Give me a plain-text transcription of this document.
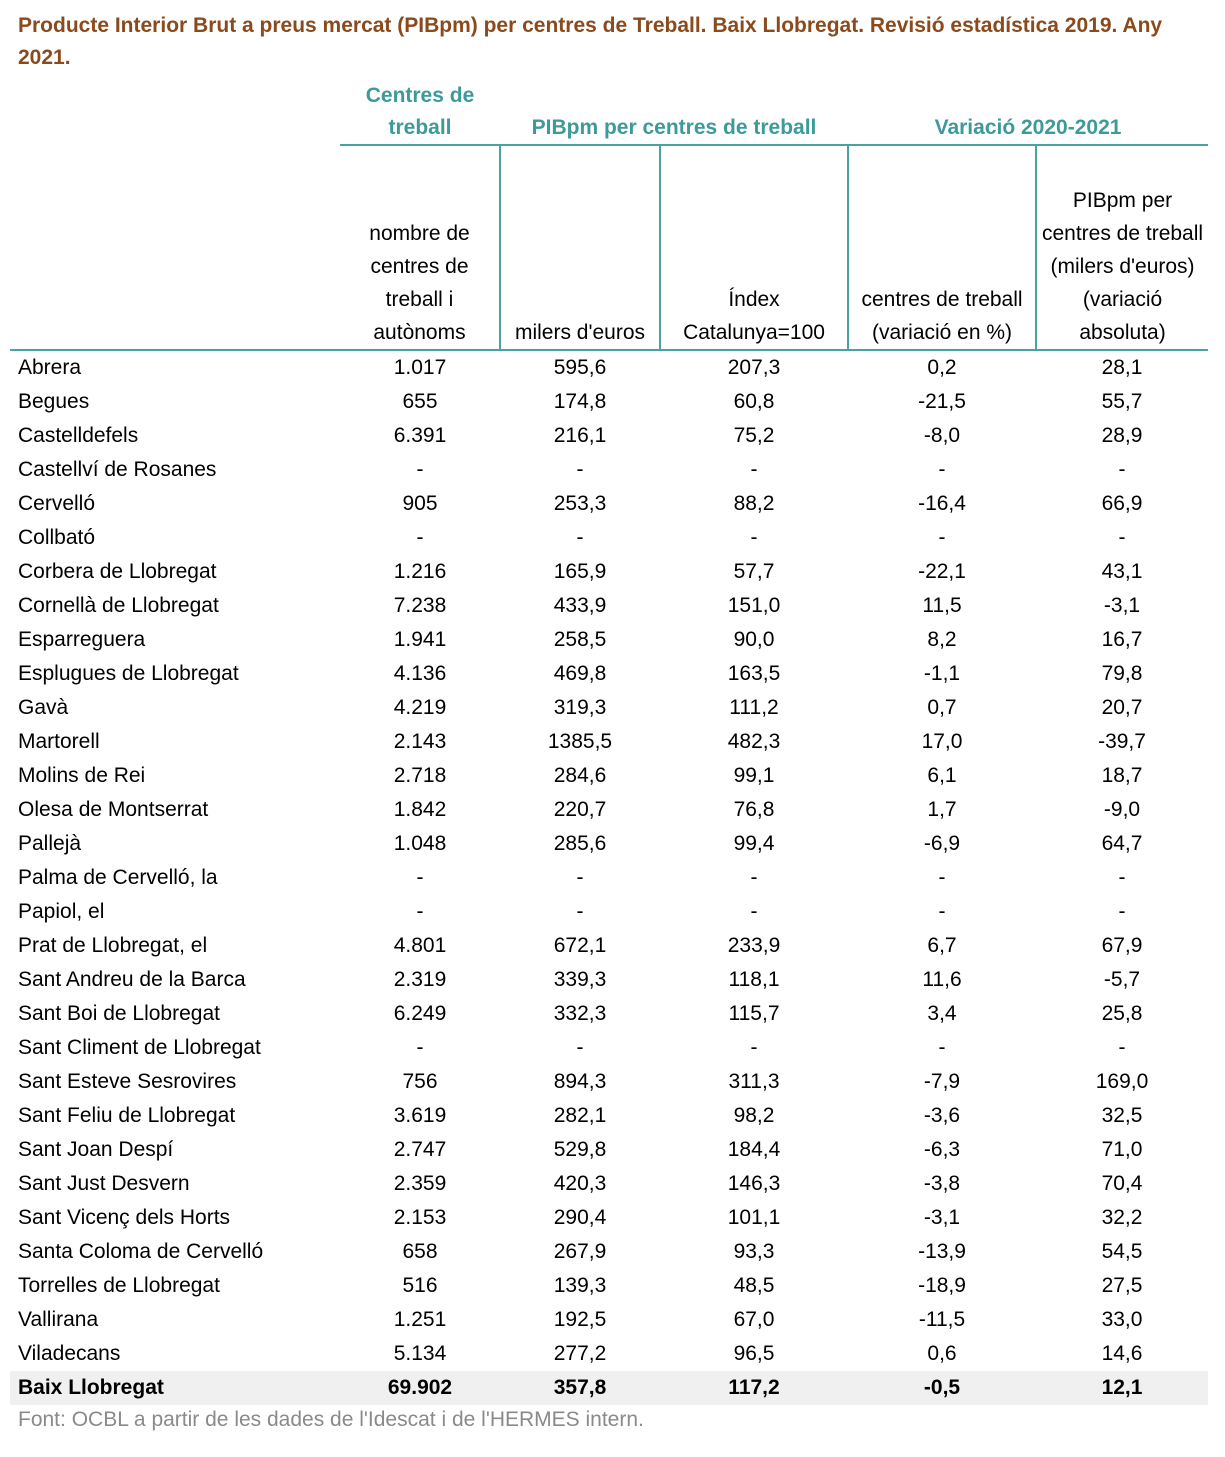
Producte Interior Brut a preus mercat (PIBpm) per centres de Treball. Baix Llobregat. Revisió estadística 2019. Any 2021.
	Centres de treball	PIBpm per centres de treball		Variació 2020-2021	
	nombre de centres de treball i autònoms	milers d'euros	Índex Catalunya=100	centres de treball (variació en %)	PIBpm per centres de treball (milers d'euros) (variació absoluta)
Abrera	1.017	595,6	207,3	0,2	28,1
Begues	655	174,8	60,8	-21,5	55,7
Castelldefels	6.391	216,1	75,2	-8,0	28,9
Castellví de Rosanes	-	-	-	-	-
Cervelló	905	253,3	88,2	-16,4	66,9
Collbató	-	-	-	-	-
Corbera de Llobregat	1.216	165,9	57,7	-22,1	43,1
Cornellà de Llobregat	7.238	433,9	151,0	11,5	-3,1
Esparreguera	1.941	258,5	90,0	8,2	16,7
Esplugues de Llobregat	4.136	469,8	163,5	-1,1	79,8
Gavà	4.219	319,3	111,2	0,7	20,7
Martorell	2.143	1385,5	482,3	17,0	-39,7
Molins de Rei	2.718	284,6	99,1	6,1	18,7
Olesa de Montserrat	1.842	220,7	76,8	1,7	-9,0
Pallejà	1.048	285,6	99,4	-6,9	64,7
Palma de Cervelló, la	-	-	-	-	-
Papiol, el	-	-	-	-	-
Prat de Llobregat, el	4.801	672,1	233,9	6,7	67,9
Sant Andreu de la Barca	2.319	339,3	118,1	11,6	-5,7
Sant Boi de Llobregat	6.249	332,3	115,7	3,4	25,8
Sant Climent de Llobregat	-	-	-	-	-
Sant Esteve Sesrovires	756	894,3	311,3	-7,9	169,0
Sant Feliu de Llobregat	3.619	282,1	98,2	-3,6	32,5
Sant Joan Despí	2.747	529,8	184,4	-6,3	71,0
Sant Just Desvern	2.359	420,3	146,3	-3,8	70,4
Sant Vicenç dels Horts	2.153	290,4	101,1	-3,1	32,2
Santa Coloma de Cervelló	658	267,9	93,3	-13,9	54,5
Torrelles de Llobregat	516	139,3	48,5	-18,9	27,5
Vallirana	1.251	192,5	67,0	-11,5	33,0
Viladecans	5.134	277,2	96,5	0,6	14,6
Baix Llobregat	69.902	357,8	117,2	-0,5	12,1
Font: OCBL a partir de les dades de l'Idescat i de l'HERMES intern.
